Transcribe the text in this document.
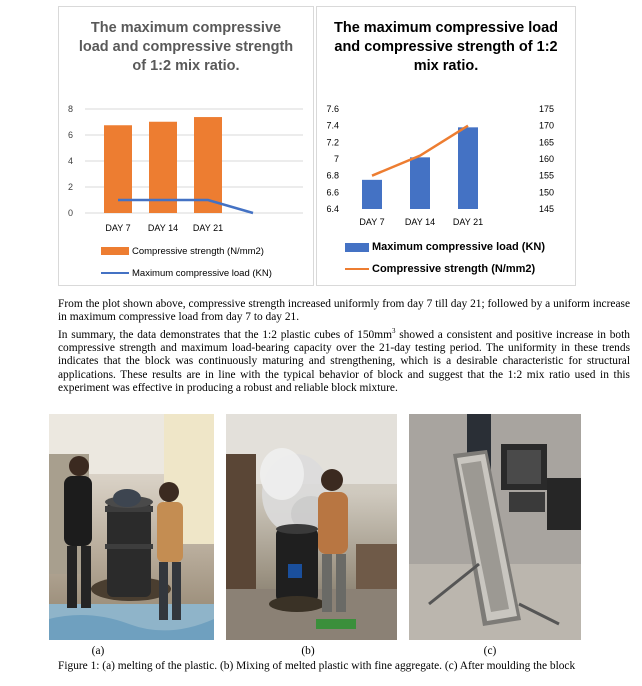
The maximum compressive load and compressive strength of 1:2 mix ratio.

0
2
4
6
8
DAY 7 DAY 14 DAY 21
Compressive strength (N/mm2)
Maximum compressive load (KN)

The maximum compressive load and compressive strength of 1:2 mix ratio.

6.4
6.6
6.8
7
7.2
7.4
7.6
145
150
155
160
165
170
175
DAY 7 DAY 14 DAY 21
Maximum compressive load (KN)
Compressive strength (N/mm2)

From the plot shown above, compressive strength increased uniformly from day 7 till day 21; followed by a uniform increase in maximum compressive load from day 7 to day 21.

In summary, the data demonstrates that the 1:2 plastic cubes of $150mm^3$ showed a consistent and positive increase in both compressive strength and maximum load-bearing capacity over the 21-day testing period. The uniformity in these trends indicates that the block was continuously maturing and strengthening, which is a desirable characteristic for structural applications. These results are in line with the typical behavior of block and suggest that the 1:2 mix ratio used in this experiment was effective in producing a robust and reliable block mixture.

(a)	(b)	(c)
Figure 1: (a) melting of the plastic. (b) Mixing of melted plastic with fine aggregate. (c) After moulding the block
